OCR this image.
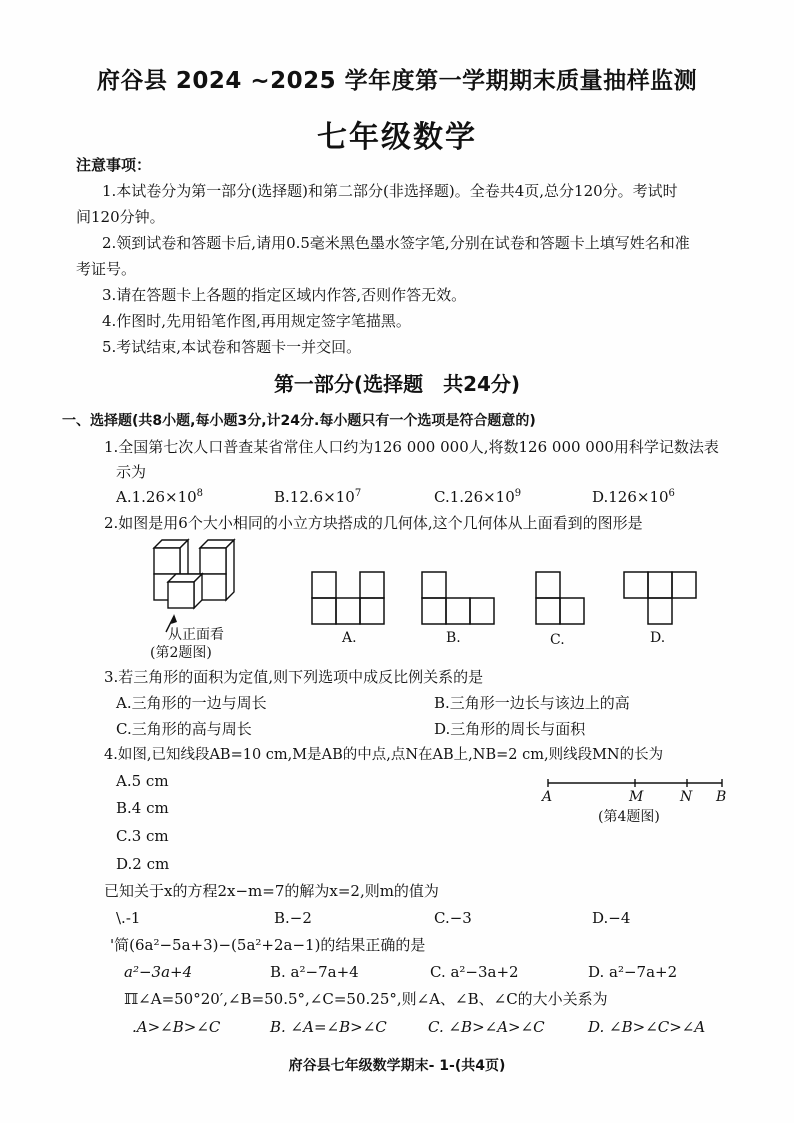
府谷县 2024 ~2025 学年度第一学期期末质量抽样监测
七年级数学
注意事项：
1.本试卷分为第一部分(选择题)和第二部分(非选择题)。全卷共4页,总分120分。考试时
间120分钟。
2.领到试卷和答题卡后,请用0.5毫米黑色墨水签字笔,分别在试卷和答题卡上填写姓名和准
考证号。
3.请在答题卡上各题的指定区域内作答,否则作答无效。
4.作图时,先用铅笔作图,再用规定签字笔描黑。
5.考试结束,本试卷和答题卡一并交回。
第一部分(选择题　共24分)
一、选择题(共8小题,每小题3分,计24分.每小题只有一个选项是符合题意的)
1.全国第七次人口普查某省常住人口约为126 000 000人,将数126 000 000用科学记数法表
示为
$A.1.26\times 10^8$	$B.12.6\times 10^7$	$C.1.26\times 10^9$	$D.126\times 10^6$
2.如图是用6个大小相同的小立方块搭成的几何体,这个几何体从上面看到的图形是
从正面看
(第2题图)
A.	B.	C.	D.
3.若三角形的面积为定值,则下列选项中成反比例关系的是
A.三角形的一边与周长	B.三角形一边长与该边上的高
C.三角形的高与周长	D.三角形的周长与面积
4.如图,已知线段AB=10 cm,M是AB的中点,点N在AB上,NB=2 cm,则线段MN的长为
A.5 cm
B.4 cm
C.3 cm
D.2 cm
A	M	N B
(第4题图)
已知关于x的方程2x−m=7的解为x=2,则m的值为
\.-1	B.−2	C.−3	D.−4
'简(6a²−5a+3)−(5a²+2a−1)的结果正确的是
a²−3a+4	B. a²−7a+4	C. a²−3a+2	D. a²−7a+2
ℿ∠A=50°20′,∠B=50.5°,∠C=50.25°,则∠A、∠B、∠C的大小关系为
.A>∠B>∠C	B. ∠A=∠B>∠C	C. ∠B>∠A>∠C	D. ∠B>∠C>∠A
府谷县七年级数学期末- 1-(共4页)
